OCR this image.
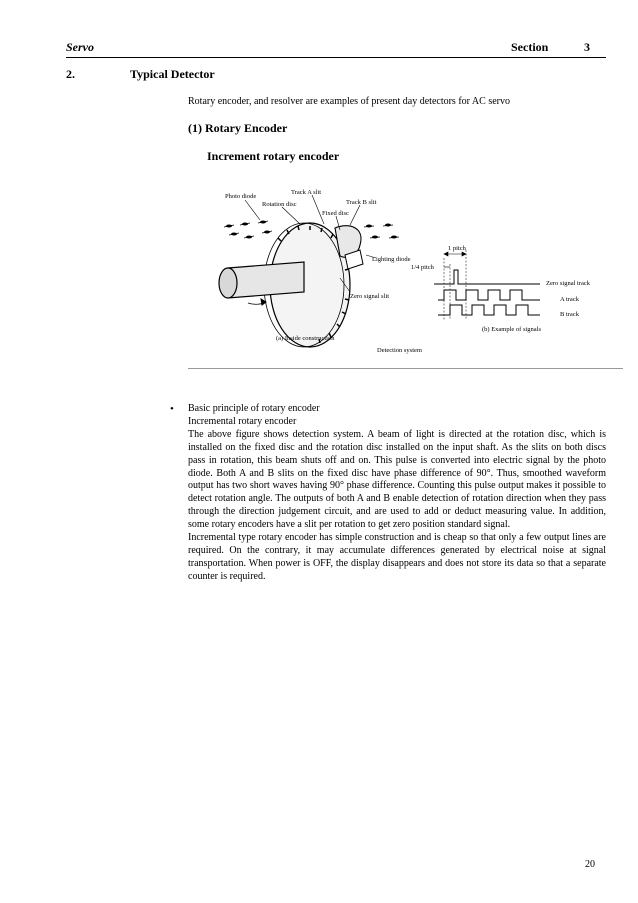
Servo	Section	3
2.	Typical Detector
Rotary encoder, and resolver are examples of present day detectors for AC servo
(1) Rotary Encoder
Increment rotary encoder
Photo diode
Track A slit
Rotation disc	Track B slit
Fixed disc
Lighting diode
Zero signal slit
(a) Inside construction
1 pitch
1/4 pitch
Zero signal track
A track
B track
(b) Example of signals
Detection system
• Basic principle of rotary encoder

Incremental rotary encoder

The above figure shows detection system. A beam of light is directed at the rotation disc, which is installed on the fixed disc and the rotation disc installed on the input shaft. As the slits on both discs pass in rotation, this beam shuts off and on. This pulse is converted into electric signal by the photo diode. Both A and B slits on the fixed disc have phase difference of 90°. Thus, smoothed waveform output has two short waves having 90° phase difference. Counting this pulse output makes it possible to detect rotation angle. The outputs of both A and B enable detection of rotation direction when they pass through the direction judgement circuit, and are used to add or deduct measuring value. In addition, some rotary encoders have a slit per rotation to get zero position standard signal.

Incremental type rotary encoder has simple construction and is cheap so that only a few output lines are required. On the contrary, it may accumulate differences generated by electrical noise at signal transportation. When power is OFF, the display disappears and does not store its data so that a separate counter is required.

20
